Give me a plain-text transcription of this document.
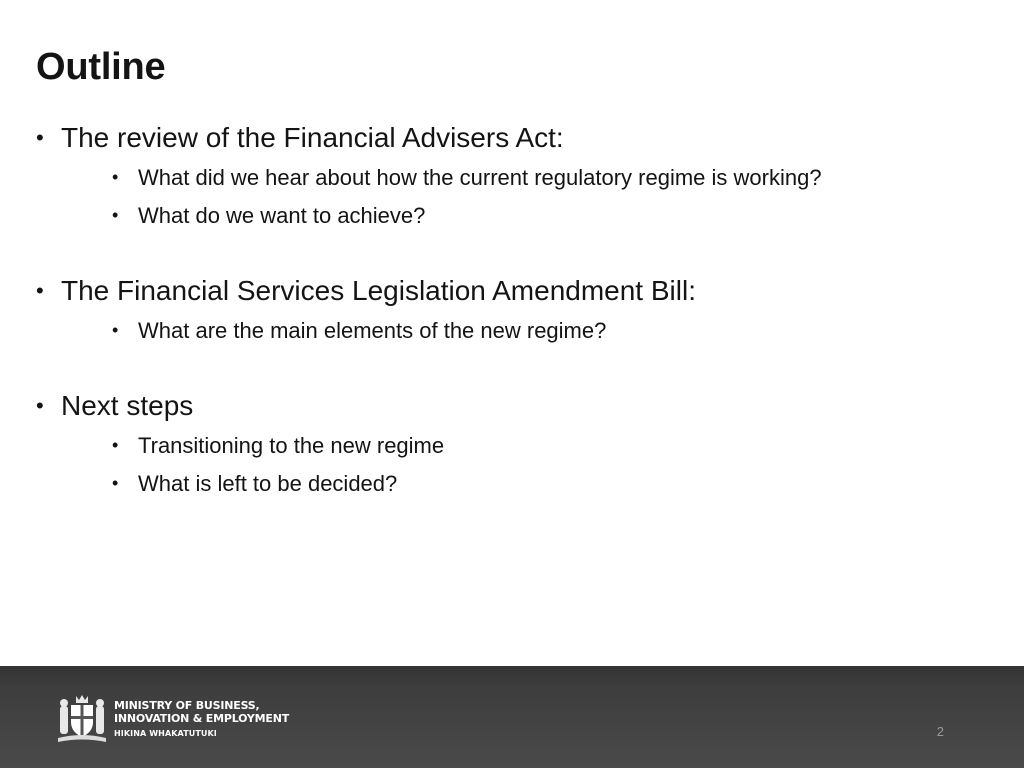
Outline
• The review of the Financial Advisers Act:
• What did we hear about how the current regulatory regime is working?
• What do we want to achieve?
• The Financial Services Legislation Amendment Bill:
• What are the main elements of the new regime?
• Next steps
• Transitioning to the new regime
• What is left to be decided?
MINISTRY OF BUSINESS,
INNOVATION & EMPLOYMENT
HIKINA WHAKATUTUKI	2
